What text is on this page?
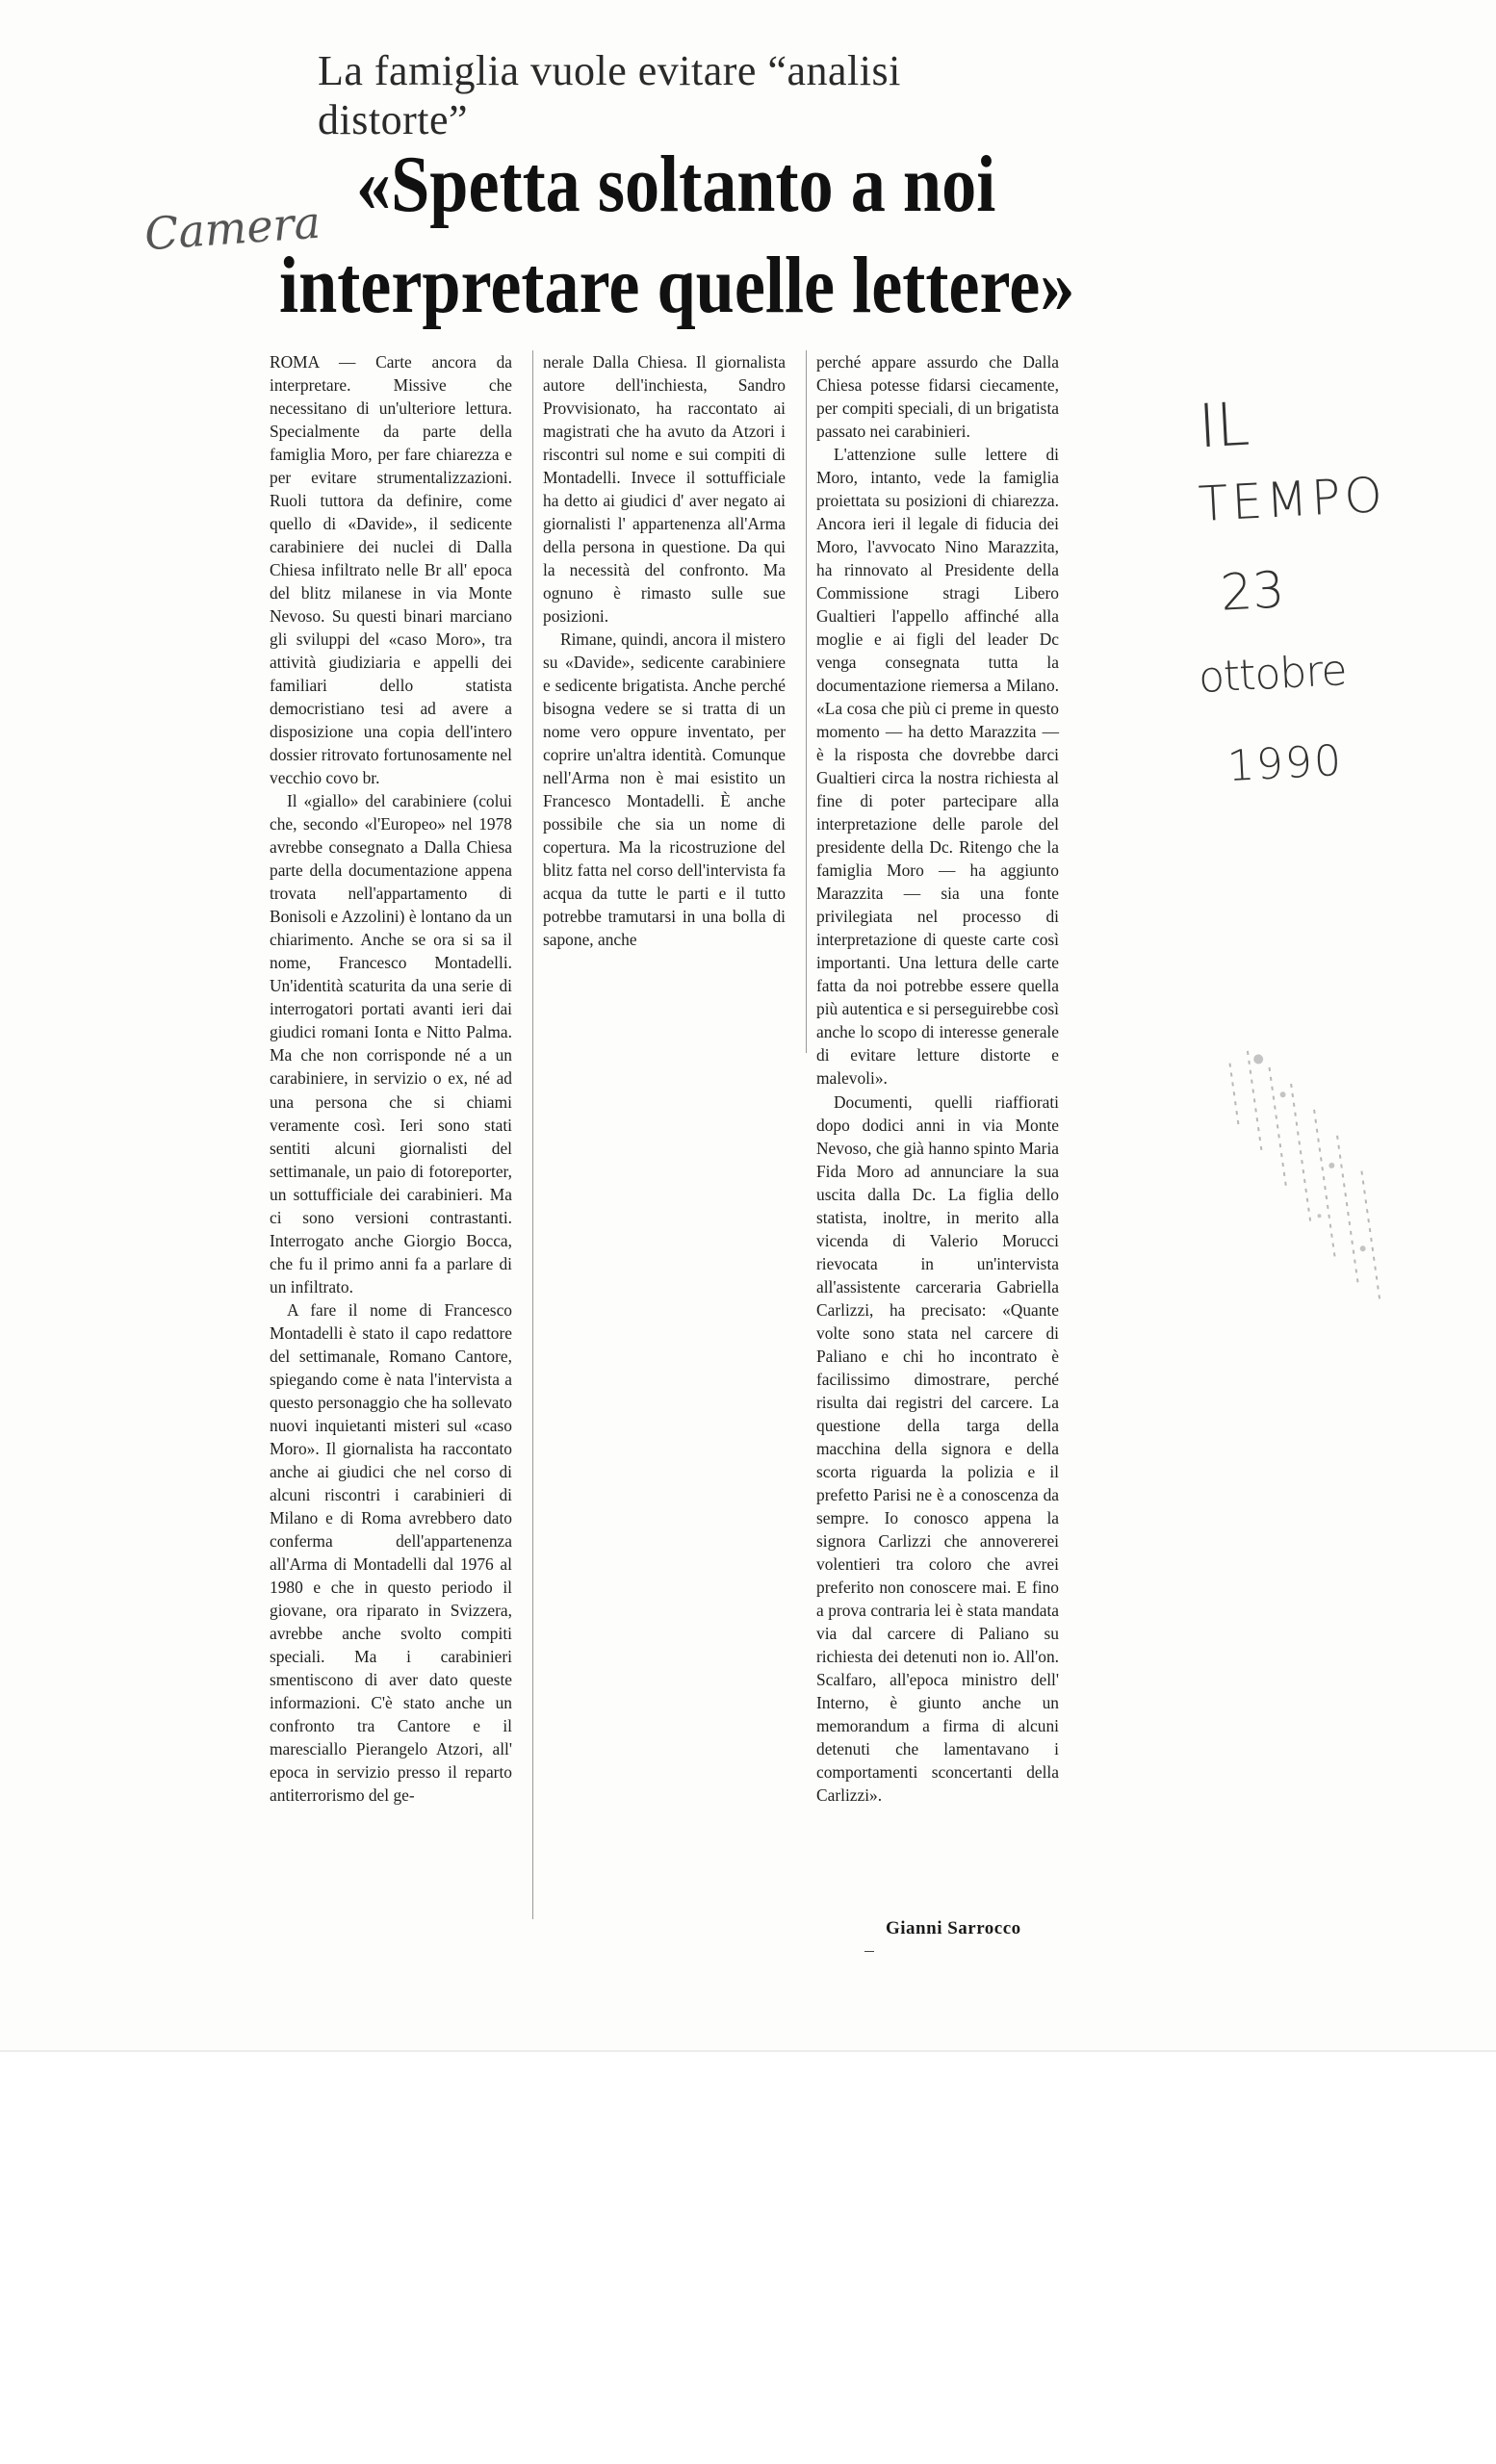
La famiglia vuole evitare “analisi distorte”
«Spetta soltanto a noi
interpretare quelle lettere»
Camera

ROMA — Carte ancora da interpretare. Missive che necessitano di un'ulteriore lettura. Specialmente da parte della famiglia Moro, per fare chiarezza e per evitare strumentalizzazioni. Ruoli tuttora da definire, come quello di «Davide», il sedicente carabiniere dei nuclei di Dalla Chiesa infiltrato nelle Br all' epoca del blitz milanese in via Monte Nevoso. Su questi binari marciano gli sviluppi del «caso Moro», tra attività giudiziaria e appelli dei familiari dello statista democristiano tesi ad avere a disposizione una copia dell'intero dossier ritrovato fortunosamente nel vecchio covo br.

Il «giallo» del carabiniere (colui che, secondo «l'Europeo» nel 1978 avrebbe consegnato a Dalla Chiesa parte della documentazione appena trovata nell'appartamento di Bonisoli e Azzolini) è lontano da un chiarimento. Anche se ora si sa il nome, Francesco Montadelli. Un'identità scaturita da una serie di interrogatori portati avanti ieri dai giudici romani Ionta e Nitto Palma. Ma che non corrisponde né a un carabiniere, in servizio o ex, né ad una persona che si chiami veramente così. Ieri sono stati sentiti alcuni giornalisti del settimanale, un paio di fotoreporter, un sottufficiale dei carabinieri. Ma ci sono versioni contrastanti. Interrogato anche Giorgio Bocca, che fu il primo anni fa a parlare di un infiltrato.

A fare il nome di Francesco Montadelli è stato il capo redattore del settimanale, Romano Cantore, spiegando come è nata l'intervista a questo personaggio che ha sollevato nuovi inquietanti misteri sul «caso Moro». Il giornalista ha raccontato anche ai giudici che nel corso di alcuni riscontri i carabinieri di Milano e di Roma avrebbero dato conferma dell'appartenenza all'Arma di Montadelli dal 1976 al 1980 e che in questo periodo il giovane, ora riparato in Svizzera, avrebbe anche svolto compiti speciali. Ma i carabinieri smentiscono di aver dato queste informazioni. C'è stato anche un confronto tra Cantore e il maresciallo Pierangelo Atzori, all' epoca in servizio presso il reparto antiterrorismo del ge-

nerale Dalla Chiesa. Il giornalista autore dell'inchiesta, Sandro Provvisionato, ha raccontato ai magistrati che ha avuto da Atzori i riscontri sul nome e sui compiti di Montadelli. Invece il sottufficiale ha detto ai giudici d' aver negato ai giornalisti l' appartenenza all'Arma della persona in questione. Da qui la necessità del confronto. Ma ognuno è rimasto sulle sue posizioni.

Rimane, quindi, ancora il mistero su «Davide», sedicente carabiniere e sedicente brigatista. Anche perché bisogna vedere se si tratta di un nome vero oppure inventato, per coprire un'altra identità. Comunque nell'Arma non è mai esistito un Francesco Montadelli. È anche possibile che sia un nome di copertura. Ma la ricostruzione del blitz fatta nel corso dell'intervista fa acqua da tutte le parti e il tutto potrebbe tramutarsi in una bolla di sapone, anche

perché appare assurdo che Dalla Chiesa potesse fidarsi ciecamente, per compiti speciali, di un brigatista passato nei carabinieri.

L'attenzione sulle lettere di Moro, intanto, vede la famiglia proiettata su posizioni di chiarezza. Ancora ieri il legale di fiducia dei Moro, l'avvocato Nino Marazzita, ha rinnovato al Presidente della Commissione stragi Libero Gualtieri l'appello affinché alla moglie e ai figli del leader Dc venga consegnata tutta la documentazione riemersa a Milano. «La cosa che più ci preme in questo momento — ha detto Marazzita — è la risposta che dovrebbe darci Gualtieri circa la nostra richiesta al fine di poter partecipare alla interpretazione delle parole del presidente della Dc. Ritengo che la famiglia Moro — ha aggiunto Marazzita — sia una fonte privilegiata nel processo di interpretazione di queste carte così importanti. Una lettura delle carte fatta da noi potrebbe essere quella più autentica e si perseguirebbe così anche lo scopo di interesse generale di evitare letture distorte e malevoli».

Documenti, quelli riaffiorati dopo dodici anni in via Monte Nevoso, che già hanno spinto Maria Fida Moro ad annunciare la sua uscita dalla Dc. La figlia dello statista, inoltre, in merito alla vicenda di Valerio Morucci rievocata in un'intervista all'assistente carceraria Gabriella Carlizzi, ha precisato: «Quante volte sono stata nel carcere di Paliano e chi ho incontrato è facilissimo dimostrare, perché risulta dai registri del carcere. La questione della targa della macchina della signora e della scorta riguarda la polizia e il prefetto Parisi ne è a conoscenza da sempre. Io conosco appena la signora Carlizzi che annovererei volentieri tra coloro che avrei preferito non conoscere mai. E fino a prova contraria lei è stata mandata via dal carcere di Paliano su richiesta dei detenuti non io. All'on. Scalfaro, all'epoca ministro dell' Interno, è giunto anche un memorandum a firma di alcuni detenuti che lamentavano i comportamenti sconcertanti della Carlizzi».

Gianni Sarrocco
IL
TEMPO
23
ottobre
1990
